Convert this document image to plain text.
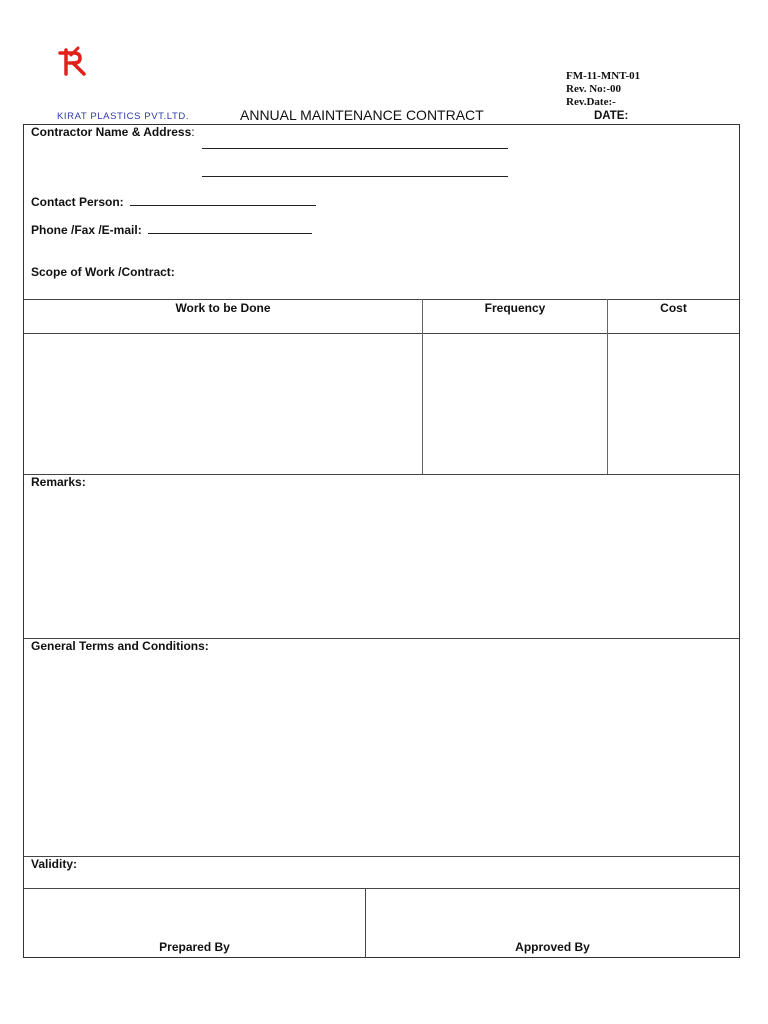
FM-11-MNT-01
Rev. No:-00
Rev.Date:-
KIRAT PLASTICS PVT.LTD.	ANNUAL MAINTENANCE CONTRACT	DATE:
Contractor Name & Address:
Contact Person:
Phone /Fax /E-mail:
Scope of Work /Contract:
Work to be Done	Frequency	Cost
Remarks:
General Terms and Conditions:
Validity:
Prepared By	Approved By
